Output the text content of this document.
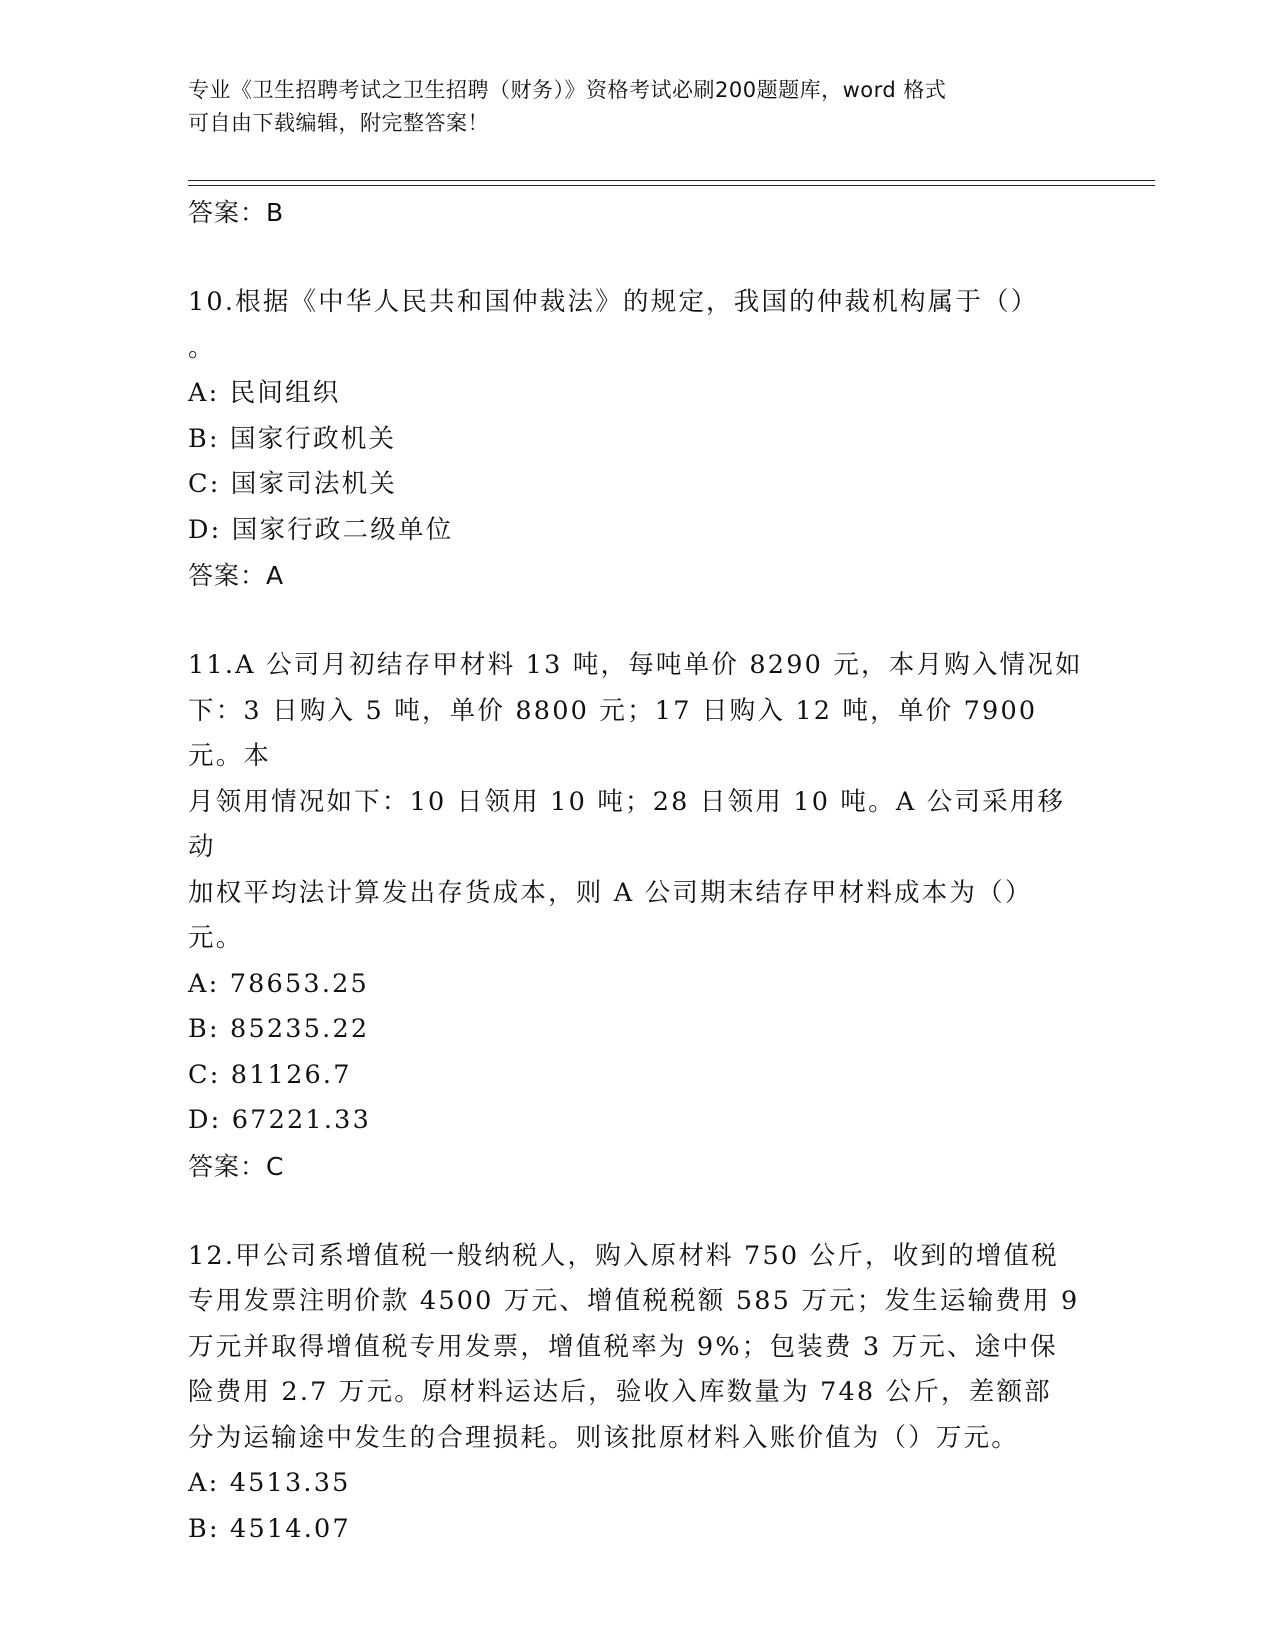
专业《卫生招聘考试之卫生招聘（财务）》资格考试必刷200题题库，word 格式
可自由下载编辑，附完整答案！
答案：B
10.根据《中华人民共和国仲裁法》的规定，我国的仲裁机构属于（）
。
A: 民间组织
B: 国家行政机关
C: 国家司法机关
D: 国家行政二级单位
答案：A
11.A 公司月初结存甲材料 13 吨，每吨单价 8290 元，本月购入情况如
下：3 日购入 5 吨，单价 8800 元；17 日购入 12 吨，单价 7900 元。本
月领用情况如下：10 日领用 10 吨；28 日领用 10 吨。A 公司采用移动
加权平均法计算发出存货成本，则 A 公司期末结存甲材料成本为（）
元。
A: 78653.25
B: 85235.22
C: 81126.7
D: 67221.33
答案：C
12.甲公司系增值税一般纳税人，购入原材料 750 公斤，收到的增值税
专用发票注明价款 4500 万元、增值税税额 585 万元；发生运输费用 9
万元并取得增值税专用发票，增值税率为 9%；包装费 3 万元、途中保
险费用 2.7 万元。原材料运达后，验收入库数量为 748 公斤，差额部
分为运输途中发生的合理损耗。则该批原材料入账价值为（）万元。
A: 4513.35
B: 4514.07
